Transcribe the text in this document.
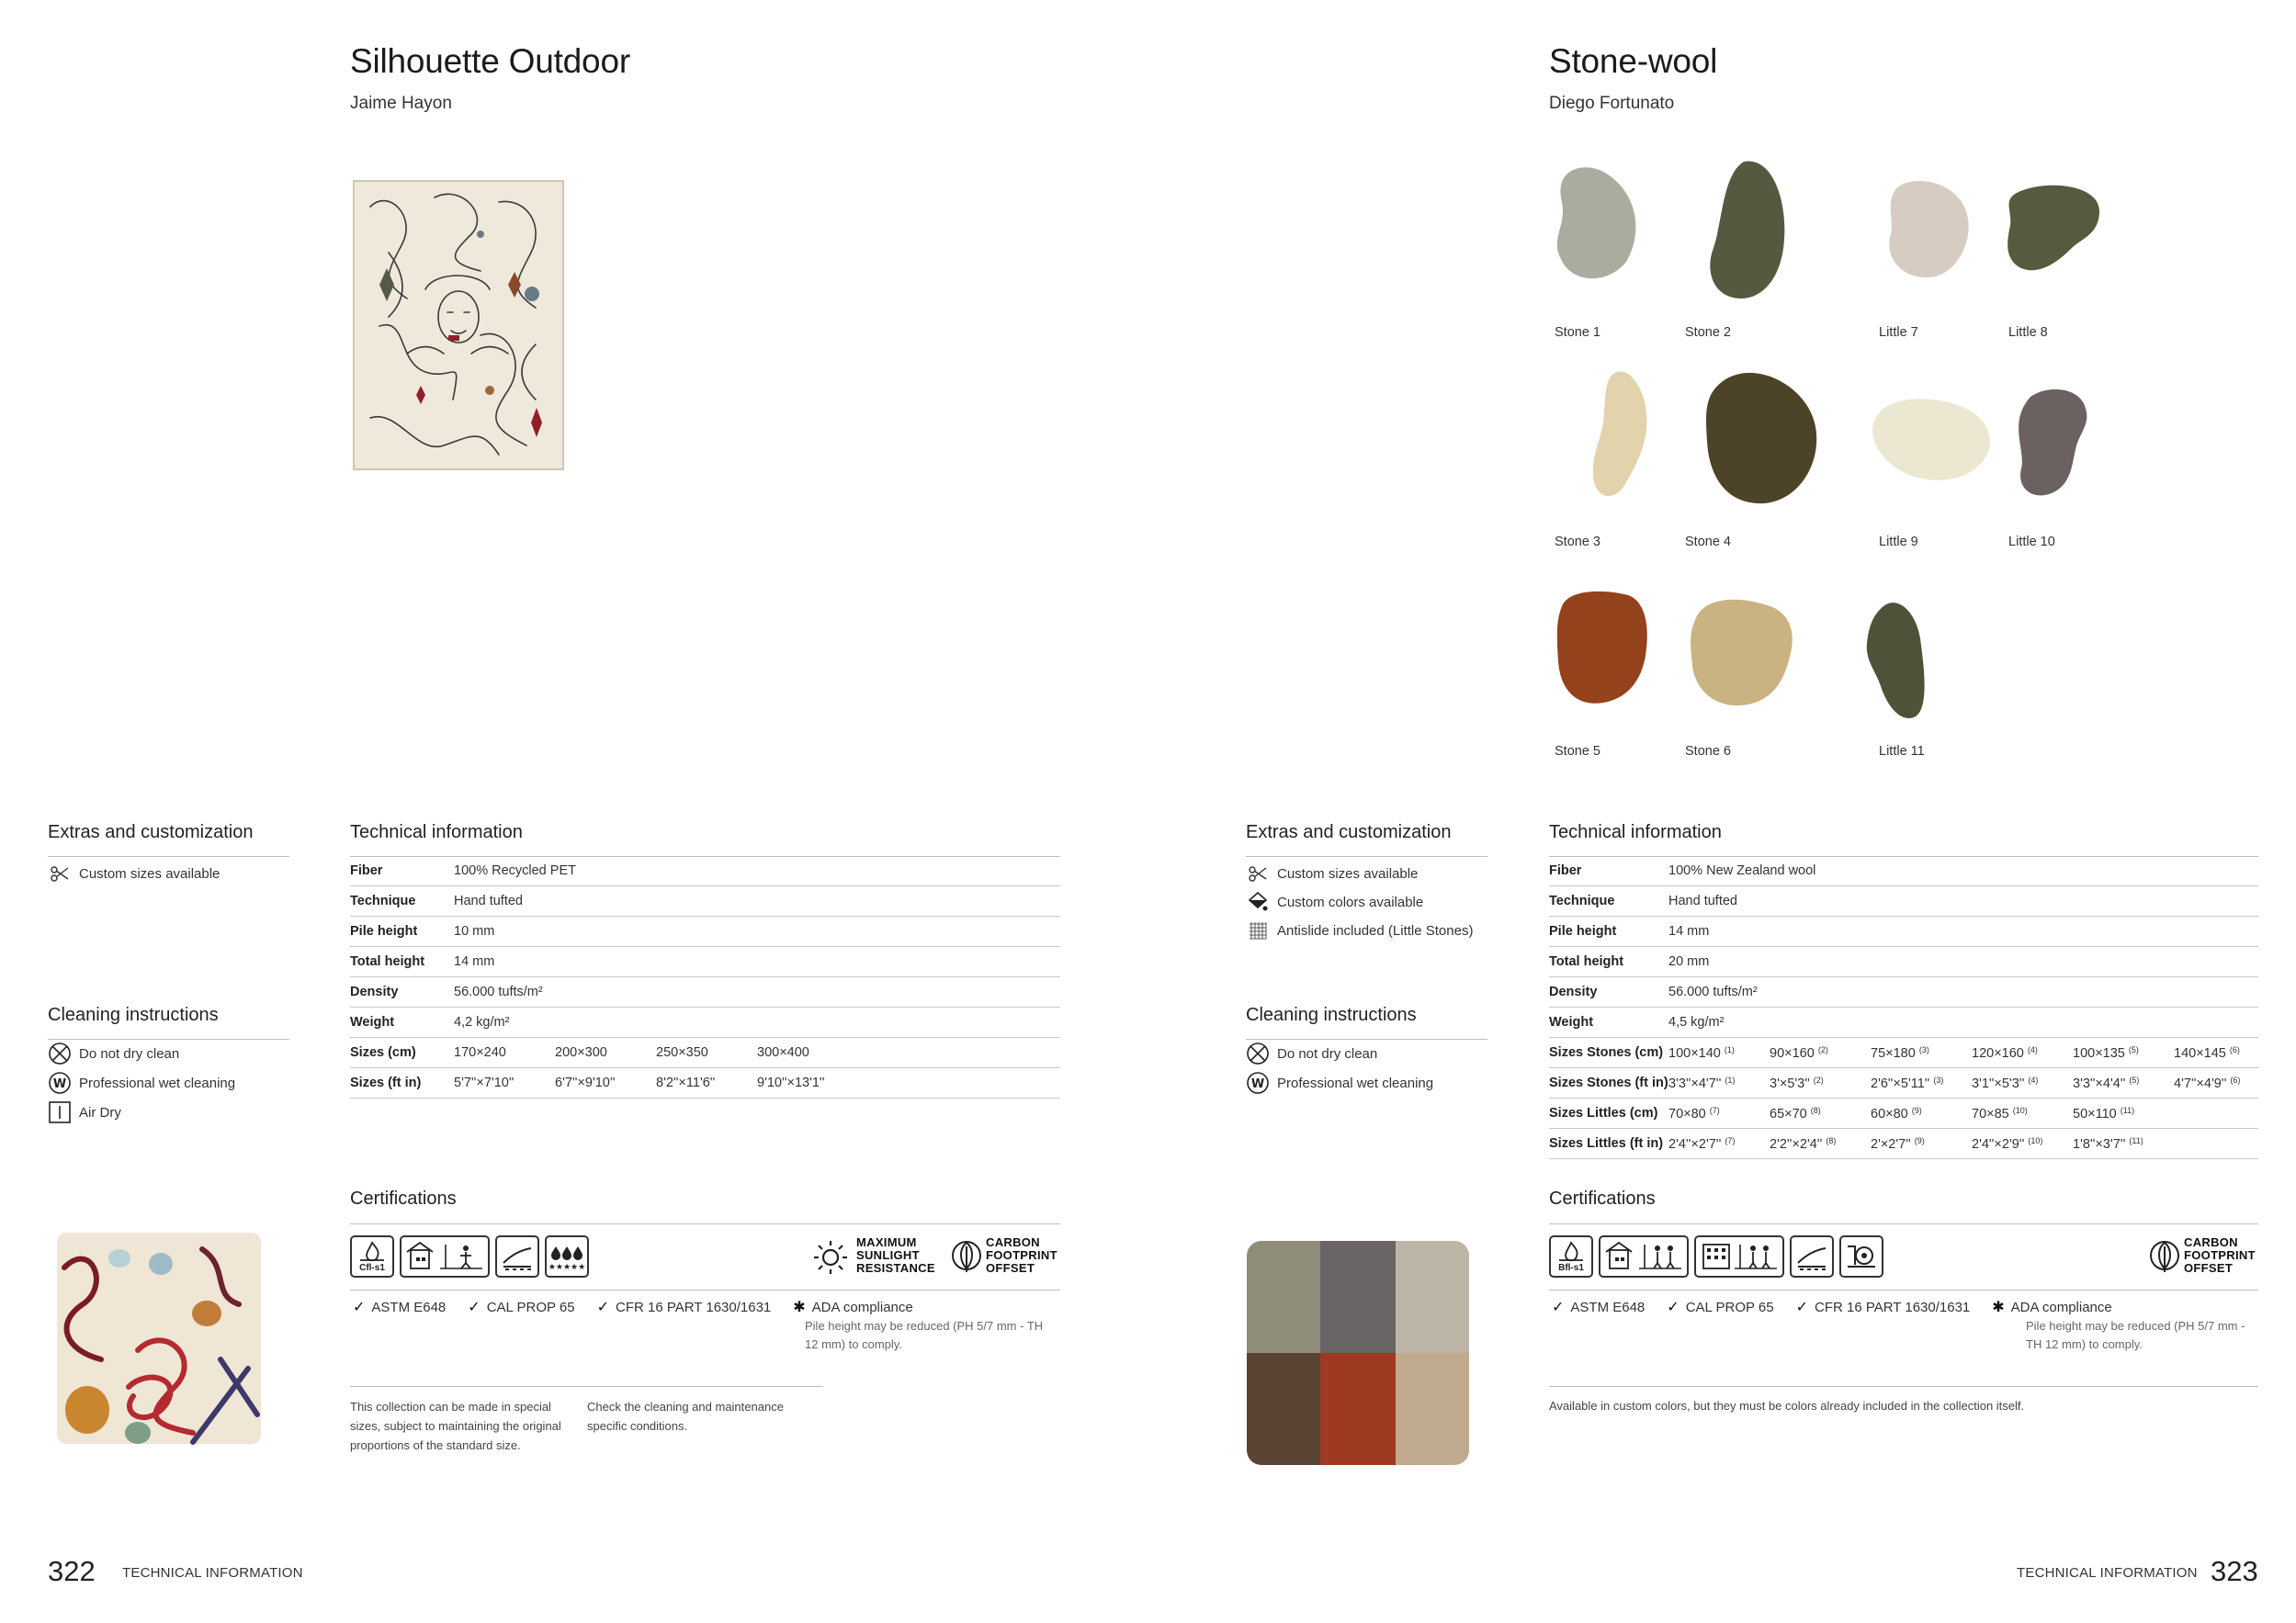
Silhouette Outdoor
Jaime Hayon
Extras and customization
Custom sizes available
Cleaning instructions
Do not dry clean
W Professional wet cleaning
Air Dry
Technical information
Fiber	100% Recycled PET
Technique	Hand tufted
Pile height	10 mm
Total height 14 mm
Density	56.000 tufts/m²
Weight	4,2 kg/m²
Sizes (cm)	170×240	200×300	250×350	300×400
Sizes (ft in) 5'7''×7'10''	6'7''×9'10''	8'2''×11'6''	9'10''×13'1''
Certifications
Cfl-s1	★★★★★
MAXIMUM
SUNLIGHT
RESISTANCE
CARBON
FOOTPRINT
OFFSET
✓ ASTM E648 ✓ CAL PROP 65 ✓ CFR 16 PART 1630/1631 ✱ ADA compliance
Pile height may be reduced (PH 5/7 mm - TH 12 mm) to comply.
This collection can be made in special sizes, subject to maintaining the original proportions of the standard size.
Check the cleaning and maintenance specific conditions.
322 TECHNICAL INFORMATION
Stone-wool
Diego Fortunato
Stone 1	Stone 2	Little 7	Little 8
Stone 3	Stone 4	Little 9	Little 10
Stone 5	Stone 6	Little 11
Extras and customization
Custom sizes available
Custom colors available
Antislide included (Little Stones)
Cleaning instructions
Do not dry clean
W Professional wet cleaning
Technical information
Fiber	100% New Zealand wool
Technique	Hand tufted
Pile height	14 mm
Total height	20 mm
Density	56.000 tufts/m²
Weight	4,5 kg/m²
Sizes Stones (cm) 100×140 $^{(1)}$	90×160 $^{(2)}$	75×180 $^{(3)}$	120×160 $^{(4)}$	100×135 $^{(5)}$	140×145 $^{(6)}$
Sizes Stones (ft in) 3'3''×4'7'' $^{(1)}$	3'×5'3'' $^{(2)}$	2'6''×5'11'' $^{(3)}$ 3'1''×5'3'' $^{(4)}$	3'3''×4'4'' $^{(5)}$	4'7''×4'9'' $^{(6)}$
Sizes Littles (cm) 70×80 $^{(7)}$	65×70 $^{(8)}$	60×80 $^{(9)}$	70×85 $^{(10)}$	50×110 $^{(11)}$
Sizes Littles (ft in) 2'4''×2'7'' $^{(7)}$	2'2''×2'4'' $^{(8)}$	2'×2'7'' $^{(9)}$	2'4''×2'9'' $^{(10)}$ 1'8''×3'7'' $^{(11)}$
Certifications
Bfl-s1
CARBON
FOOTPRINT
OFFSET
✓ ASTM E648 ✓ CAL PROP 65 ✓ CFR 16 PART 1630/1631 ✱ ADA compliance
Pile height may be reduced (PH 5/7 mm - TH 12 mm) to comply.
Available in custom colors, but they must be colors already included in the collection itself.
TECHNICAL INFORMATION 323
